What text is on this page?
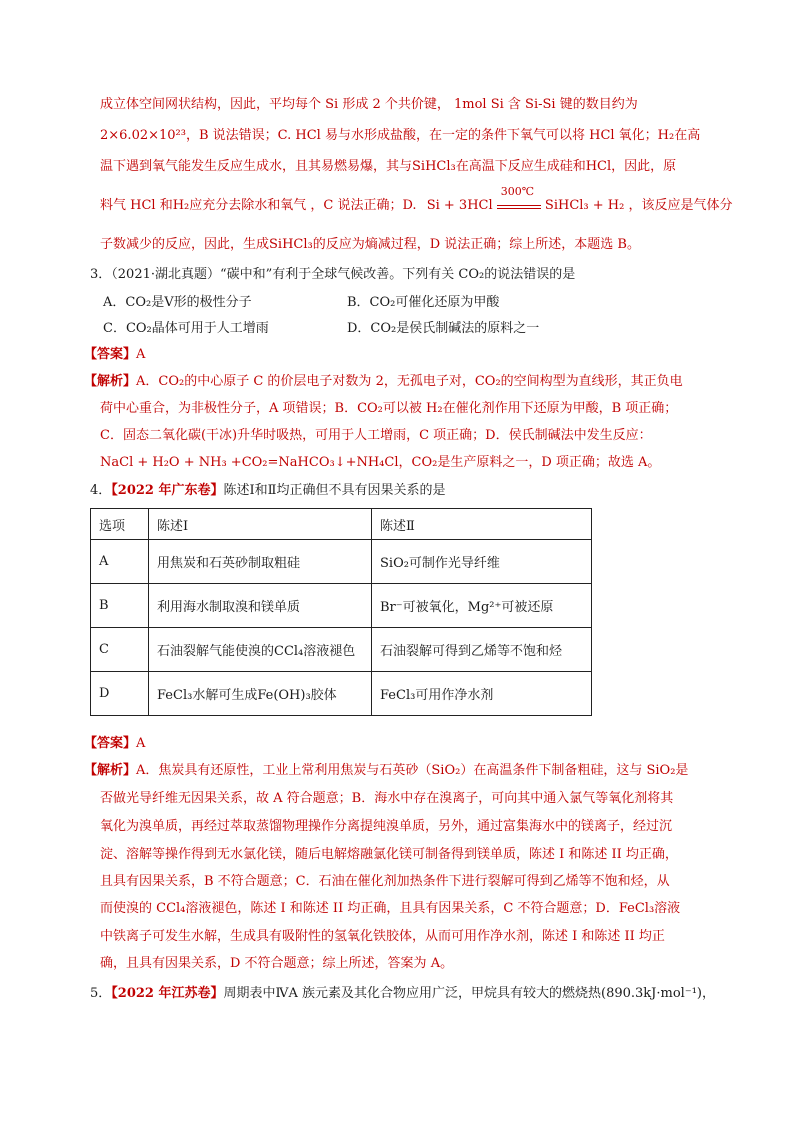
成立体空间网状结构，因此，平均每个 Si 形成 2 个共价键， 1mol Si 含 Si-Si 键的数目约为
2×6.02×10²³，B 说法错误；C. HCl 易与水形成盐酸，在一定的条件下氧气可以将 HCl 氧化；H₂在高
温下遇到氧气能发生反应生成水，且其易燃易爆，其与SiHCl₃在高温下反应生成硅和HCl，因此，原
料气 HCl 和H₂应充分去除水和氧气 ，C 说法正确；D. Si + 3HCl
300℃
SiHCl₃ + H₂ ，该反应是气体分
子数减少的反应，因此，生成SiHCl₃的反应为熵减过程，D 说法正确；综上所述，本题选 B。
3．（2021·湖北真题）“碳中和”有利于全球气候改善。下列有关 CO₂的说法错误的是
A．CO₂是Ⅴ形的极性分子	B．CO₂可催化还原为甲酸
C．CO₂晶体可用于人工增雨	D．CO₂是侯氏制碱法的原料之一
【答案】A
【解析】A．CO₂的中心原子 C 的价层电子对数为 2，无孤电子对，CO₂的空间构型为直线形，其正负电
荷中心重合，为非极性分子，A 项错误；B．CO₂可以被 H₂在催化剂作用下还原为甲酸，B 项正确；
C．固态二氧化碳(干冰)升华时吸热，可用于人工增雨，C 项正确；D．侯氏制碱法中发生反应：
NaCl + H₂O + NH₃ +CO₂=NaHCO₃↓+NH₄Cl，CO₂是生产原料之一，D 项正确；故选 A。
4．【2022 年广东卷】陈述Ⅰ和Ⅱ均正确但不具有因果关系的是
选项	陈述Ⅰ	陈述Ⅱ
A	用焦炭和石英砂制取粗硅	SiO₂可制作光导纤维
B	利用海水制取溴和镁单质	Br⁻可被氧化，Mg²⁺可被还原
C	石油裂解气能使溴的CCl₄溶液褪色	石油裂解可得到乙烯等不饱和烃
D	FeCl₃水解可生成Fe(OH)₃胶体	FeCl₃可用作净水剂
【答案】A
【解析】A．焦炭具有还原性，工业上常利用焦炭与石英砂（SiO₂）在高温条件下制备粗硅，这与 SiO₂是
否做光导纤维无因果关系，故 A 符合题意；B．海水中存在溴离子，可向其中通入氯气等氧化剂将其
氧化为溴单质，再经过萃取蒸馏物理操作分离提纯溴单质，另外，通过富集海水中的镁离子，经过沉
淀、溶解等操作得到无水氯化镁，随后电解熔融氯化镁可制备得到镁单质，陈述 I 和陈述 II 均正确，
且具有因果关系，B 不符合题意；C．石油在催化剂加热条件下进行裂解可得到乙烯等不饱和烃，从
而使溴的 CCl₄溶液褪色，陈述 I 和陈述 II 均正确，且具有因果关系，C 不符合题意；D．FeCl₃溶液
中铁离子可发生水解，生成具有吸附性的氢氧化铁胶体，从而可用作净水剂，陈述 I 和陈述 II 均正
确，且具有因果关系，D 不符合题意；综上所述，答案为 A。
5．【2022 年江苏卷】周期表中ⅣA 族元素及其化合物应用广泛，甲烷具有较大的燃烧热(890.3kJ·mol⁻¹)，
